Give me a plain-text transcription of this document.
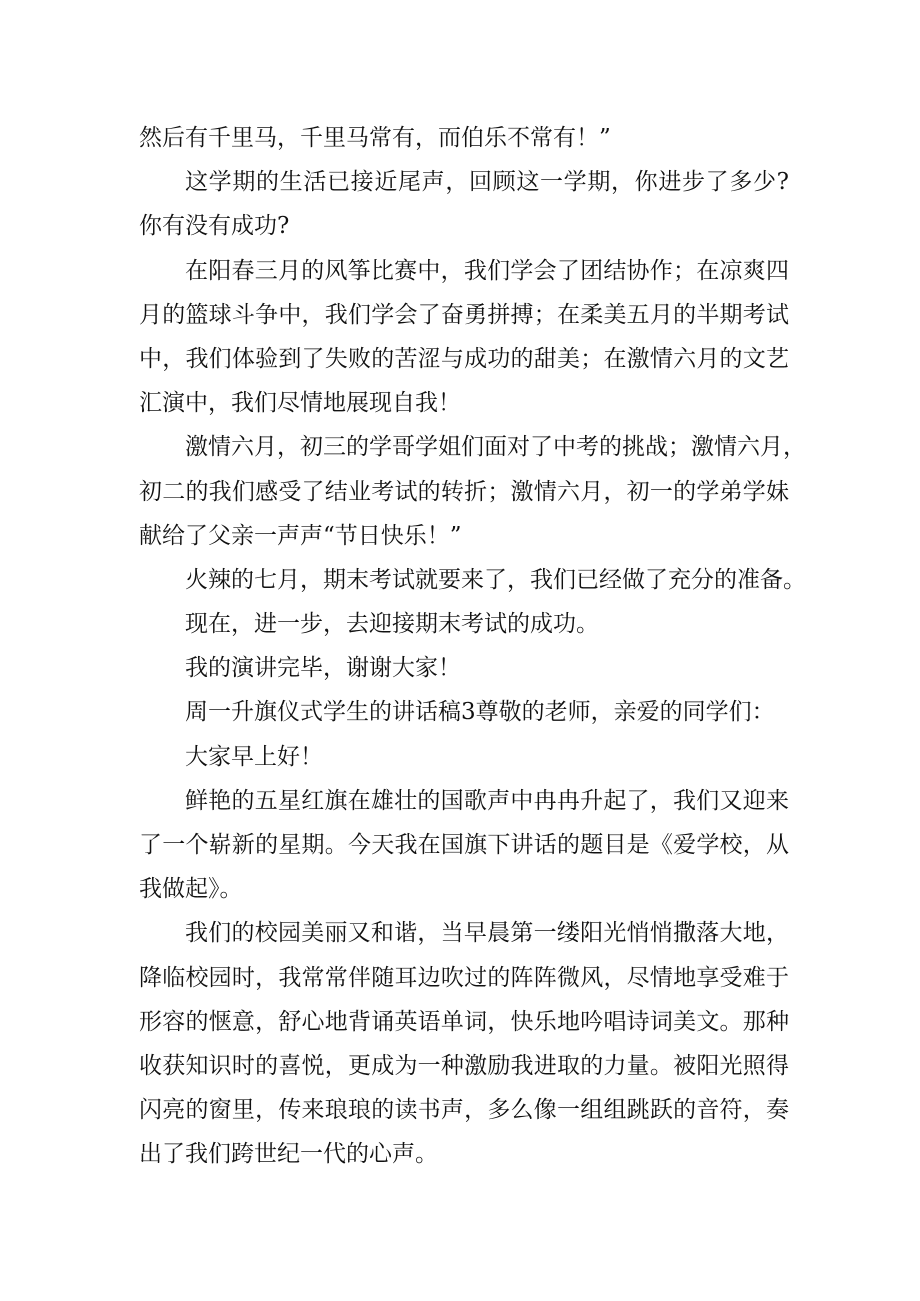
然后有千里马，千里马常有，而伯乐不常有！”
这学期的生活已接近尾声，回顾这一学期，你进步了多少?
你有没有成功?
在阳春三月的风筝比赛中，我们学会了团结协作；在凉爽四
月的篮球斗争中，我们学会了奋勇拼搏；在柔美五月的半期考试
中，我们体验到了失败的苦涩与成功的甜美；在激情六月的文艺
汇演中，我们尽情地展现自我！
激情六月，初三的学哥学姐们面对了中考的挑战；激情六月，
初二的我们感受了结业考试的转折；激情六月，初一的学弟学妹
献给了父亲一声声“节日快乐！”
火辣的七月，期末考试就要来了，我们已经做了充分的准备。
现在，进一步，去迎接期末考试的成功。
我的演讲完毕，谢谢大家！
周一升旗仪式学生的讲话稿3尊敬的老师，亲爱的同学们：
大家早上好！
鲜艳的五星红旗在雄壮的国歌声中冉冉升起了，我们又迎来
了一个崭新的星期。今天我在国旗下讲话的题目是《爱学校，从
我做起》。
我们的校园美丽又和谐，当早晨第一缕阳光悄悄撒落大地，
降临校园时，我常常伴随耳边吹过的阵阵微风，尽情地享受难于
形容的惬意，舒心地背诵英语单词，快乐地吟唱诗词美文。那种
收获知识时的喜悦，更成为一种激励我进取的力量。被阳光照得
闪亮的窗里，传来琅琅的读书声，多么像一组组跳跃的音符，奏
出了我们跨世纪一代的心声。
